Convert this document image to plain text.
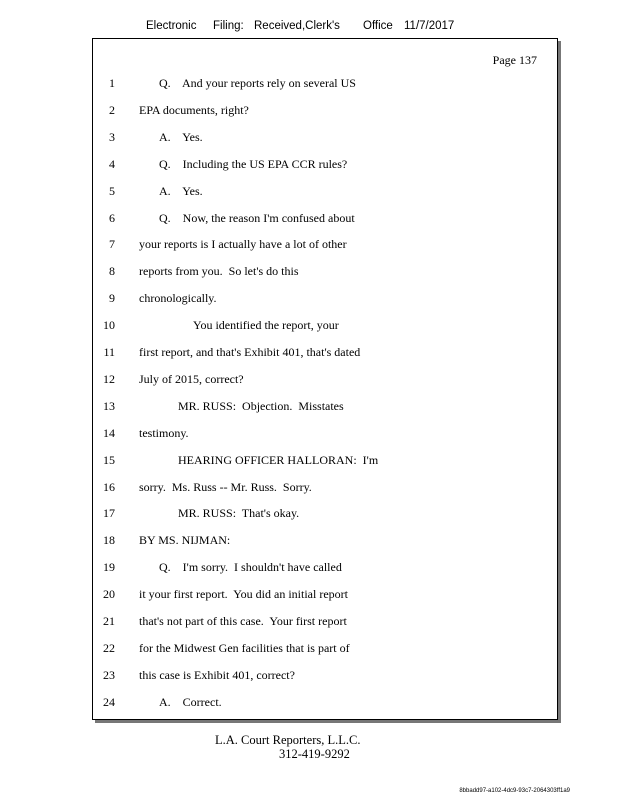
Electronic Filing: Received,Clerk's Office 11/7/2017
Page 137
1	Q.    And your reports rely on several US
2 EPA documents, right?
3	A.    Yes.
4	Q.    Including the US EPA CCR rules?
5	A.    Yes.
6	Q.    Now, the reason I'm confused about
7 your reports is I actually have a lot of other
8 reports from you.  So let's do this
9 chronologically.
10	You identified the report, your
11 first report, and that's Exhibit 401, that's dated
12 July of 2015, correct?
13	MR. RUSS:  Objection.  Misstates
14 testimony.
15	HEARING OFFICER HALLORAN:  I'm
16 sorry.  Ms. Russ -- Mr. Russ.  Sorry.
17	MR. RUSS:  That's okay.
18 BY MS. NIJMAN:
19	Q.    I'm sorry.  I shouldn't have called
20 it your first report.  You did an initial report
21 that's not part of this case.  Your first report
22 for the Midwest Gen facilities that is part of
23 this case is Exhibit 401, correct?
24	A.    Correct.
L.A. Court Reporters, L.L.C.
312-419-9292
8bbadd97-a102-4dc9-93c7-2064303ff1a9
